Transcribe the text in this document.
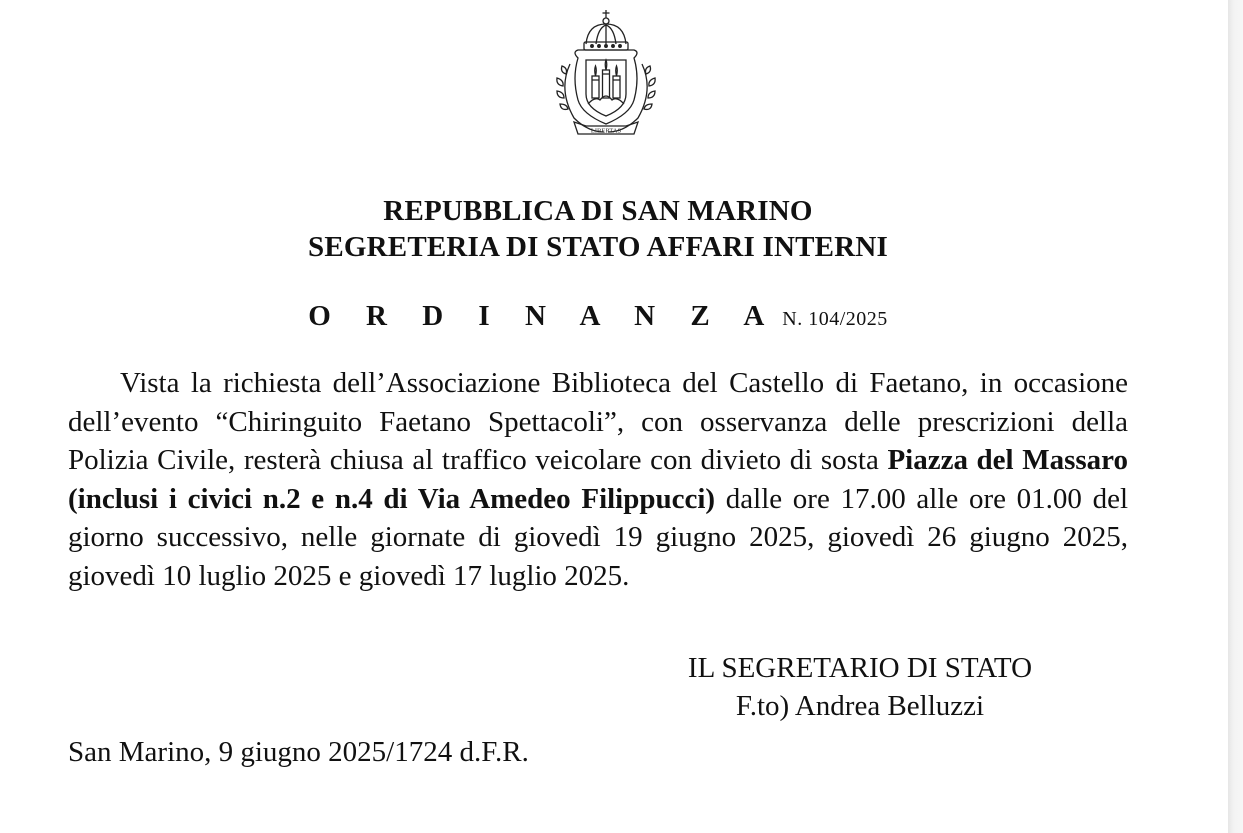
LIBERTAS
REPUBBLICA DI SAN MARINO
SEGRETERIA DI STATO AFFARI INTERNI
O R D I N A N Z A N. 104/2025

Vista la richiesta dell’Associazione Biblioteca del Castello di Faetano, in occasione dell’evento “Chiringuito Faetano Spettacoli”, con osservanza delle prescrizioni della Polizia Civile, resterà chiusa al traffico veicolare con divieto di sosta Piazza del Massaro (inclusi i civici n.2 e n.4 di Via Amedeo Filippucci) dalle ore 17.00 alle ore 01.00 del giorno successivo, nelle giornate di giovedì 19 giugno 2025, giovedì 26 giugno 2025, giovedì 10 luglio 2025 e giovedì 17 luglio 2025.

IL SEGRETARIO DI STATO
F.to) Andrea Belluzzi
San Marino, 9 giugno 2025/1724 d.F.R.
